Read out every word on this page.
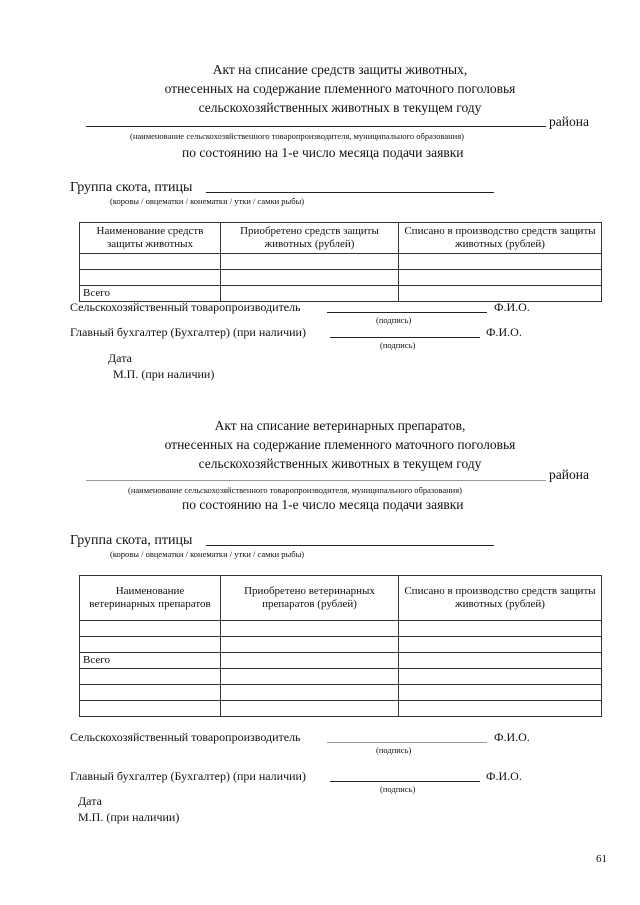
Акт на списание средств защиты животных,
отнесенных на содержание племенного маточного поголовья
сельскохозяйственных животных в текущем году
района
(наименование сельскохозяйственного товаропроизводителя, муниципального образования)
по состоянию на 1-е число месяца подачи заявки
Группа скота, птицы
(коровы / овцематки / конематки / утки / самки рыбы)
Наименование средств защиты животных	Приобретено средств защиты животных (рублей)	Списано в производство средств защиты животных (рублей)

Всего		
Сельскохозяйственный товаропроизводитель	Ф.И.О.
(подпись)
Главный бухгалтер (Бухгалтер) (при наличии)	Ф.И.О.
(подпись)
Дата
М.П. (при наличии)
Акт на списание ветеринарных препаратов,
отнесенных на содержание племенного маточного поголовья
сельскохозяйственных животных в текущем году
района
(наименование сельскохозяйственного товаропроизводителя, муниципального образования)
по состоянию на 1-е число месяца подачи заявки
Группа скота, птицы
(коровы / овцематки / конематки / утки / самки рыбы)
Наименование ветеринарных препаратов	Приобретено ветеринарных препаратов (рублей)	Списано в производство средств защиты животных (рублей)

Всего		

Сельскохозяйственный товаропроизводитель	Ф.И.О.
(подпись)
Главный бухгалтер (Бухгалтер) (при наличии)	Ф.И.О.
(подпись)
Дата
М.П. (при наличии)
61
